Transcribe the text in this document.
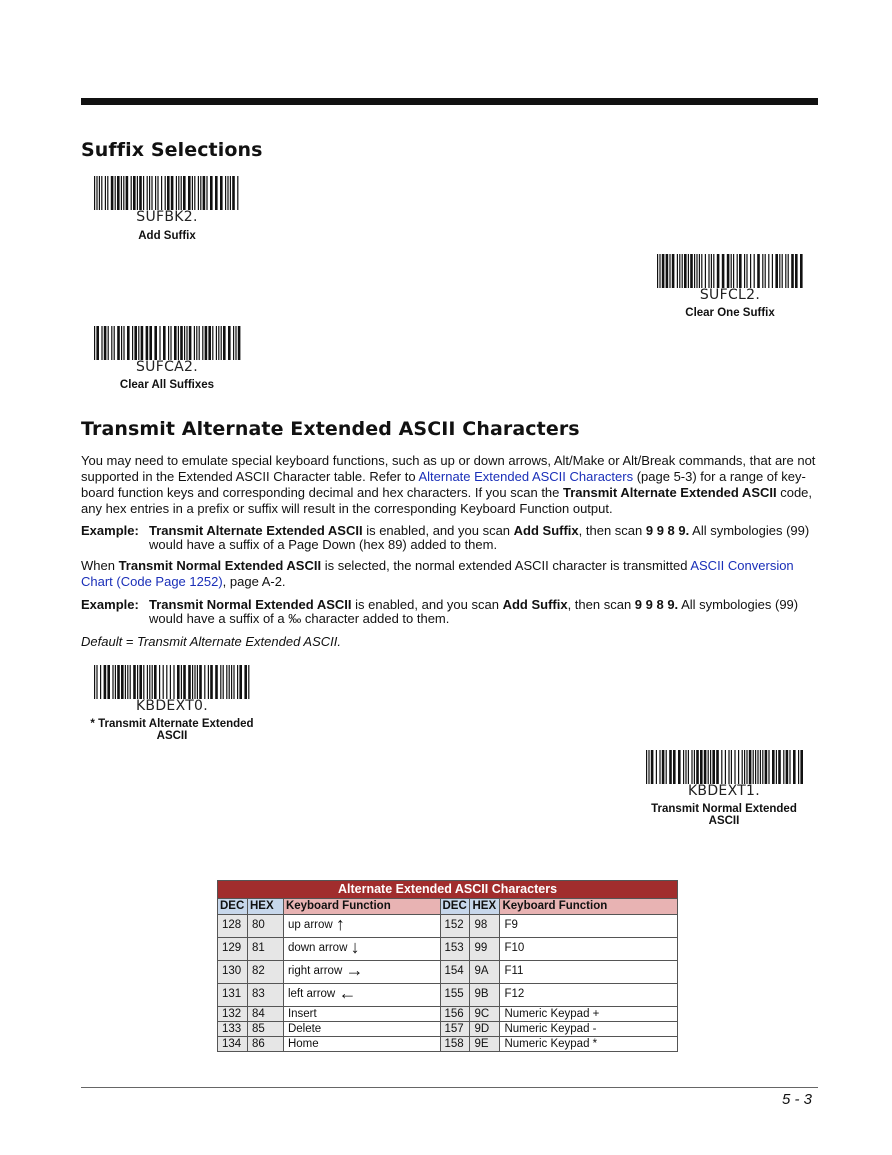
Suffix Selections
SUFBK2.
Add Suffix
SUFCL2.
Clear One Suffix
SUFCA2.
Clear All Suffixes
Transmit Alternate Extended ASCII Characters
You may need to emulate special keyboard functions, such as up or down arrows, Alt/Make or Alt/Break commands, that are not supported in the Extended ASCII Character table. Refer to Alternate Extended ASCII Characters (page 5-3) for a range of key-board function keys and corresponding decimal and hex characters. If you scan the Transmit Alternate Extended ASCII code, any hex entries in a prefix or suffix will result in the corresponding Keyboard Function output.
Example: Transmit Alternate Extended ASCII is enabled, and you scan Add Suffix, then scan 9 9 8 9. All symbologies (99) would have a suffix of a Page Down (hex 89) added to them.
When Transmit Normal Extended ASCII is selected, the normal extended ASCII character is transmitted ASCII Conversion Chart (Code Page 1252), page A-2.
Example: Transmit Normal Extended ASCII is enabled, and you scan Add Suffix, then scan 9 9 8 9. All symbologies (99) would have a suffix of a ‰ character added to them.
Default = Transmit Alternate Extended ASCII.
KBDEXT0.
* Transmit Alternate Extended
ASCII
KBDEXT1.
Transmit Normal Extended
ASCII
Alternate Extended ASCII Characters					
DEC	HEX	Keyboard Function	DEC	HEX	Keyboard Function
128	80	up arrow ↑	152	98	F9
129	81	down arrow ↓	153	99	F10
130	82	right arrow →	154	9A	F11
131	83	left arrow ←	155	9B	F12
132	84	Insert	156	9C	Numeric Keypad +
133	85	Delete	157	9D	Numeric Keypad -
134	86	Home	158	9E	Numeric Keypad *
5 - 3
